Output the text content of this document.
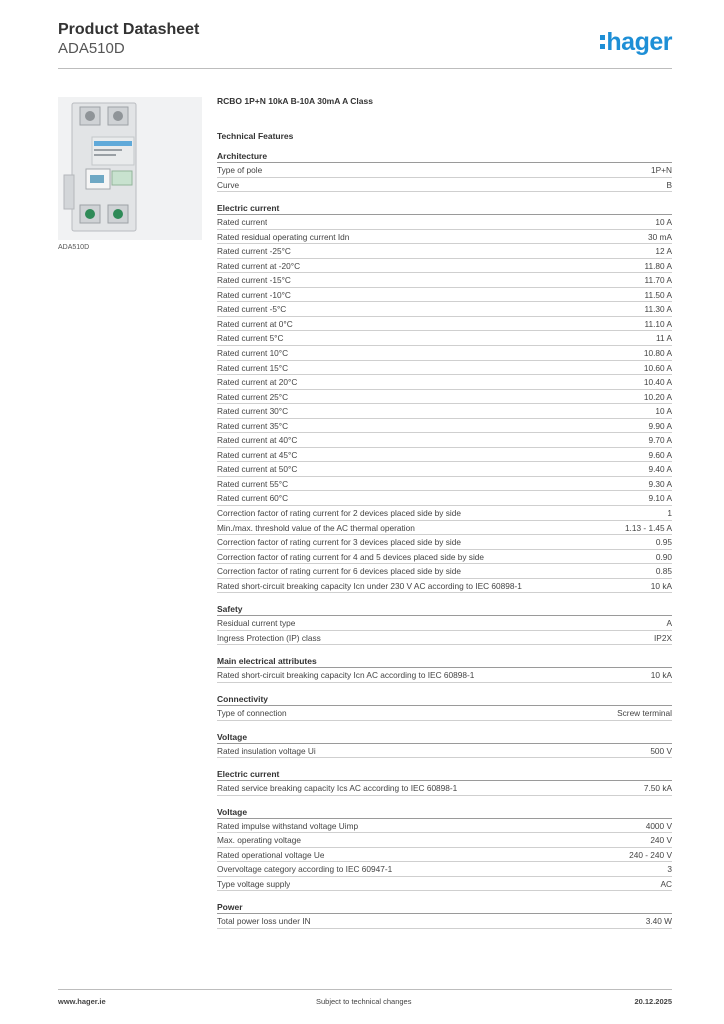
Product Datasheet
ADA510D	hager
ADA510D
RCBO 1P+N 10kA B-10A 30mA A Class
Technical Features
Architecture
Type of pole	1P+N
Curve	B
Electric current
Rated current	10 A
Rated residual operating current Idn	30 mA
Rated current -25°C	12 A
Rated current at -20°C	11.80 A
Rated current -15°C	11.70 A
Rated current -10°C	11.50 A
Rated current -5°C	11.30 A
Rated current at 0°C	11.10 A
Rated current 5°C	11 A
Rated current 10°C	10.80 A
Rated current 15°C	10.60 A
Rated current at 20°C	10.40 A
Rated current 25°C	10.20 A
Rated current 30°C	10 A
Rated current 35°C	9.90 A
Rated current at 40°C	9.70 A
Rated current at 45°C	9.60 A
Rated current at 50°C	9.40 A
Rated current 55°C	9.30 A
Rated current 60°C	9.10 A
Correction factor of rating current for 2 devices placed side by side	1
Min./max. threshold value of the AC thermal operation	1.13 - 1.45 A
Correction factor of rating current for 3 devices placed side by side	0.95
Correction factor of rating current for 4 and 5 devices placed side by side	0.90
Correction factor of rating current for 6 devices placed side by side	0.85
Rated short-circuit breaking capacity Icn under 230 V AC according to IEC 60898-1	10 kA
Safety
Residual current type	A
Ingress Protection (IP) class	IP2X
Main electrical attributes
Rated short-circuit breaking capacity Icn AC according to IEC 60898-1	10 kA
Connectivity
Type of connection	Screw terminal
Voltage
Rated insulation voltage Ui	500 V
Electric current
Rated service breaking capacity Ics AC according to IEC 60898-1	7.50 kA
Voltage
Rated impulse withstand voltage Uimp	4000 V
Max. operating voltage	240 V
Rated operational voltage Ue	240 - 240 V
Overvoltage category according to IEC 60947-1	3
Type voltage supply	AC
Power
Total power loss under IN	3.40 W
www.hager.ie	Subject to technical changes	20.12.2025
